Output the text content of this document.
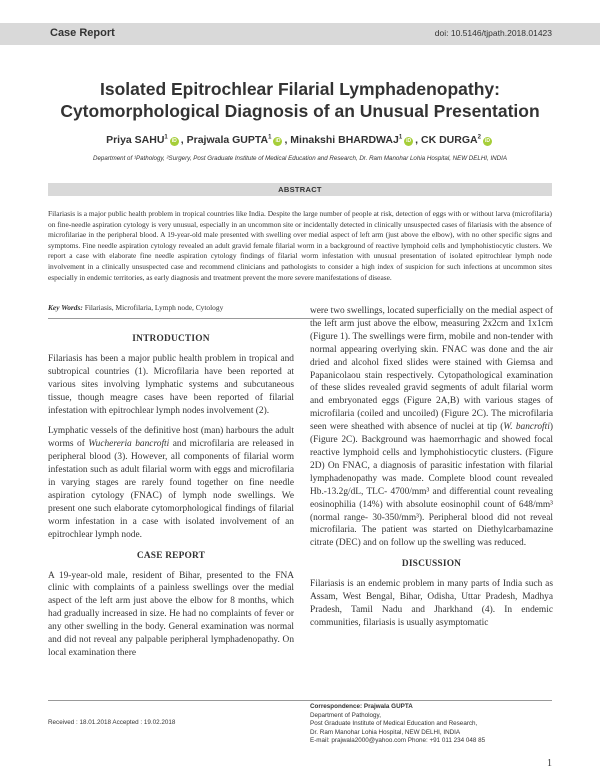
Case Report	doi: 10.5146/tjpath.2018.01423
Isolated Epitrochlear Filarial Lymphadenopathy:
Cytomorphological Diagnosis of an Unusual Presentation
Priya SAHU$^1$iD , Prajwala GUPTA$^1$iD , Minakshi BHARDWAJ$^1$iD , CK DURGA$^2$iD
Department of ¹Pathology, ²Surgery, Post Graduate Institute of Medical Education and Research, Dr. Ram Manohar Lohia Hospital, NEW DELHI, INDIA
ABSTRACT
Filariasis is a major public health problem in tropical countries like India. Despite the large number of people at risk, detection of eggs with or without larva (microfilaria) on fine-needle aspiration cytology is very unusual, especially in an uncommon site or incidentally detected in clinically unsuspected cases of filariasis with the absence of microfilariae in the peripheral blood. A 19-year-old male presented with swelling over medial aspect of left arm (just above the elbow), with no other specific signs and symptoms. Fine needle aspiration cytology revealed an adult gravid female filarial worm in a background of reactive lymphoid cells and lymphohistiocytic clusters. We report a case with elaborate fine needle aspiration cytology findings of filarial worm infestation with unusual presentation of isolated epitrochlear lymph node involvement in a clinically unsuspected case and recommend clinicians and pathologists to consider a high index of suspicion for such infections at uncommon sites especially in endemic territories, as early diagnosis and treatment prevent the more severe manifestations of disease.
Key Words: Filariasis, Microfilaria, Lymph node, Cytology
INTRODUCTION

Filariasis has been a major public health problem in tropical and subtropical countries (1). Microfilaria have been reported at various sites involving lymphatic systems and subcutaneous tissue, though meagre cases have been reported of filarial infestation with epitrochlear lymph nodes involvement (2).

Lymphatic vessels of the definitive host (man) harbours the adult worms of Wuchereria bancrofti and microfilaria are released in peripheral blood (3). However, all components of filarial worm infestation such as adult filarial worm with eggs and microfilaria in varying stages are rarely found together on fine needle aspiration cytology (FNAC) of lymph node swellings. We present one such elaborate cytomorphological findings of filarial worm infestation in a case with isolated involvement of an epitrochlear lymph node.

CASE REPORT

A 19-year-old male, resident of Bihar, presented to the FNA clinic with complaints of a painless swellings over the medial aspect of the left arm just above the elbow for 8 months, which had gradually increased in size. He had no complaints of fever or any other swelling in the body. General examination was normal and did not reveal any palpable peripheral lymphadenopathy. On local examination there

were two swellings, located superficially on the medial aspect of the left arm just above the elbow, measuring 2x2cm and 1x1cm (Figure 1). The swellings were firm, mobile and non-tender with normal appearing overlying skin. FNAC was done and the air dried and alcohol fixed slides were stained with Giemsa and Papanicolaou stain respectively. Cytopathological examination of these slides revealed gravid segments of adult filarial worm and embryonated eggs (Figure 2A,B) with various stages of microfilaria (coiled and uncoiled) (Figure 2C). The microfilaria seen were sheathed with absence of nuclei at tip (W. bancrofti) (Figure 2C). Background was haemorrhagic and showed focal reactive lymphoid cells and lymphohistiocytic clusters. (Figure 2D) On FNAC, a diagnosis of parasitic infestation with filarial lymphadenopathy was made. Complete blood count revealed Hb.-13.2g/dL, TLC- 4700/mm³ and differential count revealing eosinophilia (14%) with absolute eosinophil count of 648/mm³ (normal range- 30-350/mm³). Peripheral blood did not reveal microfilaria. The patient was started on Diethylcarbamazine citrate (DEC) and on follow up the swelling was reduced.

DISCUSSION

Filariasis is an endemic problem in many parts of India such as Assam, West Bengal, Bihar, Odisha, Uttar Pradesh, Madhya Pradesh, Tamil Nadu and Jharkhand (4). In endemic communities, filariasis is usually asymptomatic

Received : 18.01.2018 Accepted : 19.02.2018
Correspondence: Prajwala GUPTA
Department of Pathology,
Post Graduate Institute of Medical Education and Research,
Dr. Ram Manohar Lohia Hospital, NEW DELHI, INDIA
E-mail: prajwala2000@yahoo.com Phone: +91 011 234 048 85
1
